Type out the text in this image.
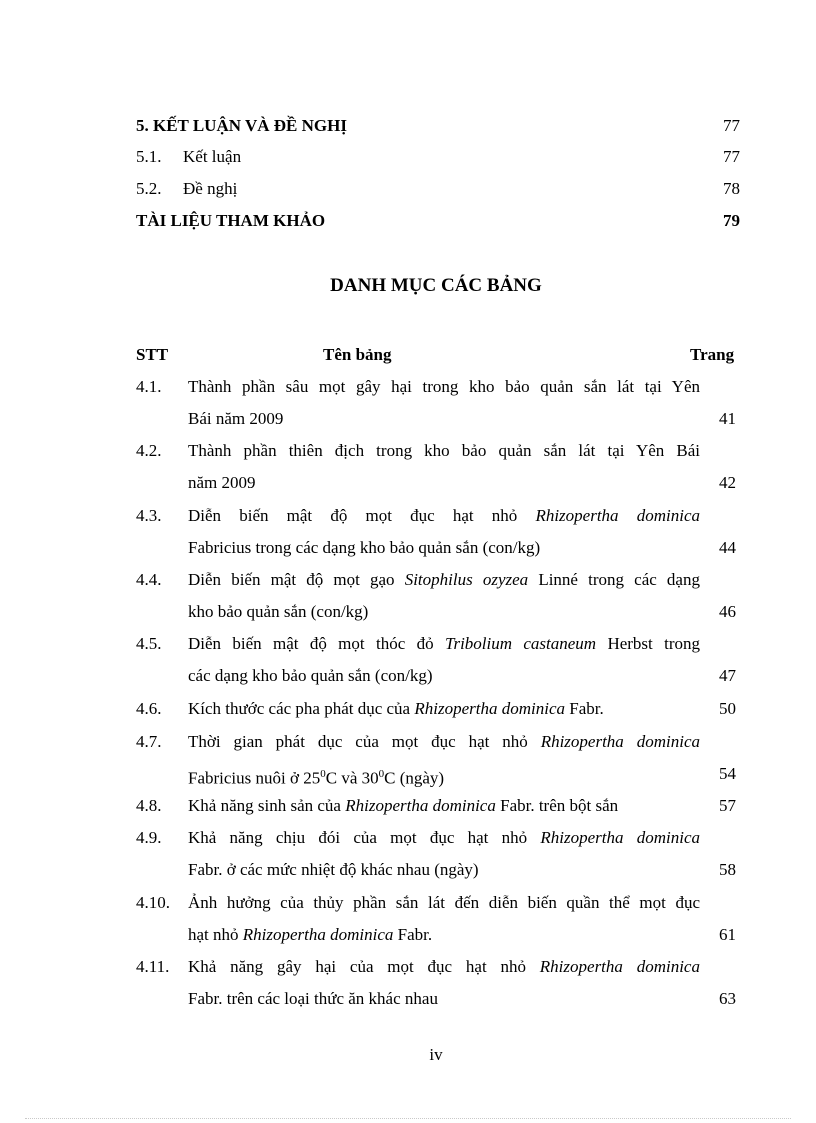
5. KẾT LUẬN VÀ ĐỀ NGHỊ	77
5.1. Kết luận	77
5.2. Đề nghị	78
TÀI LIỆU THAM KHẢO	79
DANH MỤC CÁC BẢNG
STT	Tên bảng	Trang
4.1. Thành phần sâu mọt gây hại trong kho bảo quản sắn lát tại Yên
Bái năm 2009	41
4.2. Thành phần thiên địch trong kho bảo quản sắn lát tại Yên Bái
năm 2009	42
4.3. Diễn biến mật độ mọt đục hạt nhỏ Rhizopertha dominica
Fabricius trong các dạng kho bảo quản sắn (con/kg)	44
4.4. Diễn biến mật độ mọt gạo Sitophilus ozyzea Linné trong các dạng
kho bảo quản sắn (con/kg)	46
4.5. Diễn biến mật độ mọt thóc đỏ Tribolium castaneum Herbst trong
các dạng kho bảo quản sắn (con/kg)	47
4.6. Kích thước các pha phát dục của Rhizopertha dominica Fabr.	50
4.7. Thời gian phát dục của mọt đục hạt nhỏ Rhizopertha dominica
Fabricius nuôi ở $25^0C$ và $30^0C$ (ngày)	54
4.8. Khả năng sinh sản của Rhizopertha dominica Fabr. trên bột sắn	57
4.9. Khả năng chịu đói của mọt đục hạt nhỏ Rhizopertha dominica
Fabr. ở các mức nhiệt độ khác nhau (ngày)	58
4.10. Ảnh hưởng của thủy phần sắn lát đến diễn biến quần thể mọt đục
hạt nhỏ Rhizopertha dominica Fabr.	61
4.11. Khả năng gây hại của mọt đục hạt nhỏ Rhizopertha dominica
Fabr. trên các loại thức ăn khác nhau	63
iv
